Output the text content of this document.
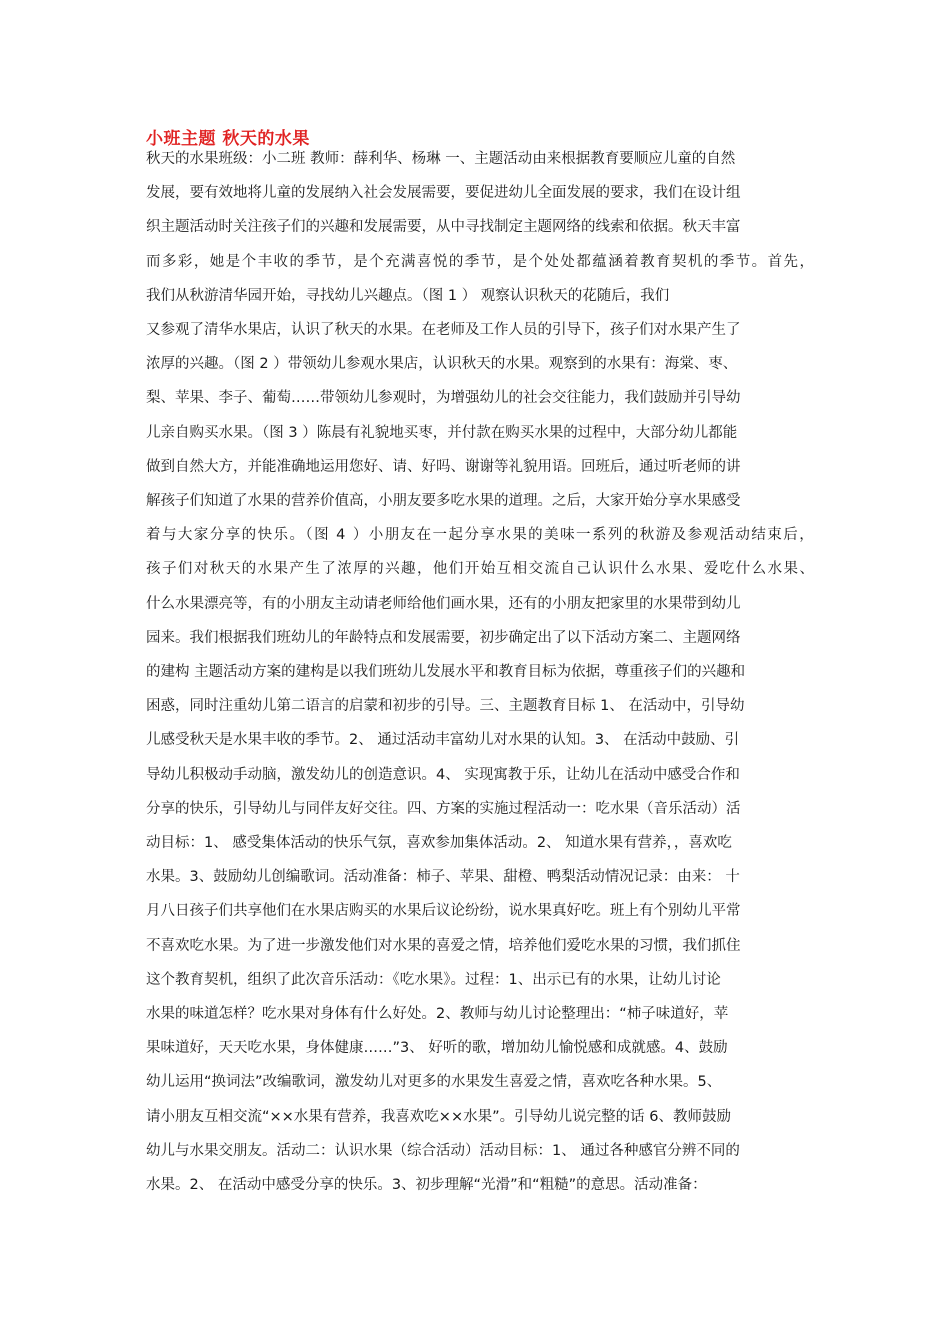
小班主题 秋天的水果
秋天的水果班级：小二班 教师：薛利华、杨琳 一、主题活动由来根据教育要顺应儿童的自然
发展，要有效地将儿童的发展纳入社会发展需要，要促进幼儿全面发展的要求，我们在设计组
织主题活动时关注孩子们的兴趣和发展需要，从中寻找制定主题网络的线索和依据。秋天丰富
而多彩，她是个丰收的季节，是个充满喜悦的季节，是个处处都蕴涵着教育契机的季节。首先，
我们从秋游清华园开始，寻找幼儿兴趣点。（图 1 ） 观察认识秋天的花随后，我们
又参观了清华水果店，认识了秋天的水果。在老师及工作人员的引导下，孩子们对水果产生了
浓厚的兴趣。（图 2 ）带领幼儿参观水果店，认识秋天的水果。观察到的水果有：海棠、枣、
梨、苹果、李子、葡萄……带领幼儿参观时，为增强幼儿的社会交往能力，我们鼓励并引导幼
儿亲自购买水果。（图 3 ）陈晨有礼貌地买枣，并付款在购买水果的过程中，大部分幼儿都能
做到自然大方，并能准确地运用您好、请、好吗、谢谢等礼貌用语。回班后，通过听老师的讲
解孩子们知道了水果的营养价值高，小朋友要多吃水果的道理。之后，大家开始分享水果感受
着与大家分享的快乐。（图 4 ）小朋友在一起分享水果的美味一系列的秋游及参观活动结束后，
孩子们对秋天的水果产生了浓厚的兴趣，他们开始互相交流自己认识什么水果、爱吃什么水果、
什么水果漂亮等，有的小朋友主动请老师给他们画水果，还有的小朋友把家里的水果带到幼儿
园来。我们根据我们班幼儿的年龄特点和发展需要，初步确定出了以下活动方案二、主题网络
的建构 主题活动方案的建构是以我们班幼儿发展水平和教育目标为依据，尊重孩子们的兴趣和
困惑，同时注重幼儿第二语言的启蒙和初步的引导。三、主题教育目标 1、 在活动中，引导幼
儿感受秋天是水果丰收的季节。2、 通过活动丰富幼儿对水果的认知。3、 在活动中鼓励、引
导幼儿积极动手动脑，激发幼儿的创造意识。4、 实现寓教于乐，让幼儿在活动中感受合作和
分享的快乐，引导幼儿与同伴友好交往。四、方案的实施过程活动一：吃水果（音乐活动）活
动目标：1、 感受集体活动的快乐气氛，喜欢参加集体活动。2、 知道水果有营养，，喜欢吃
水果。3、鼓励幼儿创编歌词。活动准备：柿子、苹果、甜橙、鸭梨活动情况记录：由来： 十
月八日孩子们共享他们在水果店购买的水果后议论纷纷，说水果真好吃。班上有个别幼儿平常
不喜欢吃水果。为了进一步激发他们对水果的喜爱之情，培养他们爱吃水果的习惯，我们抓住
这个教育契机，组织了此次音乐活动：《吃水果》。过程：1、出示已有的水果，让幼儿讨论
水果的味道怎样？吃水果对身体有什么好处。2、教师与幼儿讨论整理出：“柿子味道好，苹
果味道好，天天吃水果，身体健康……”3、 好听的歌，增加幼儿愉悦感和成就感。4、鼓励
幼儿运用“换词法”改编歌词，激发幼儿对更多的水果发生喜爱之情，喜欢吃各种水果。5、
请小朋友互相交流“××水果有营养，我喜欢吃××水果”。引导幼儿说完整的话 6、教师鼓励
幼儿与水果交朋友。活动二：认识水果（综合活动）活动目标：1、 通过各种感官分辨不同的
水果。2、 在活动中感受分享的快乐。3、初步理解“光滑”和“粗糙”的意思。活动准备：
